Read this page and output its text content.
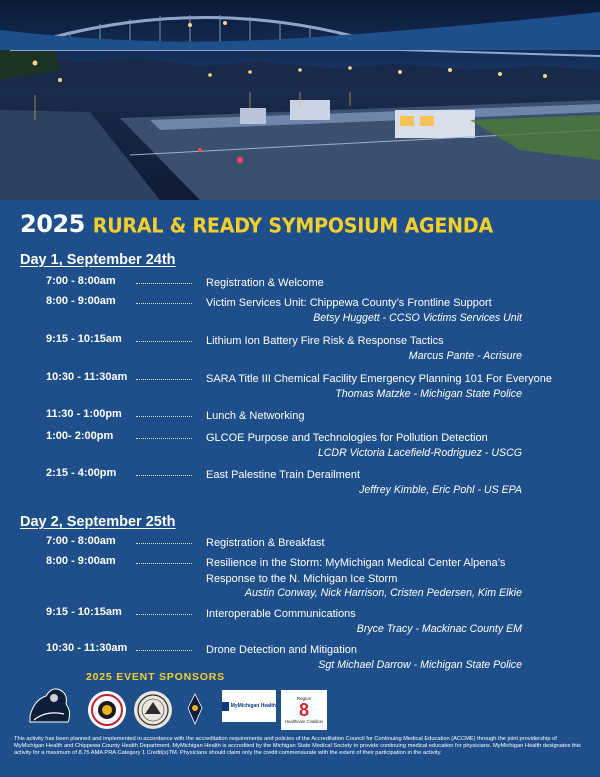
2025 RURAL & READY SYMPOSIUM AGENDA
Day 1, September 24th
7:00 - 8:00am	Registration & Welcome
8:00 - 9:00am	Victim Services Unit: Chippewa County’s Frontline Support
Betsy Huggett - CCSO Victims Services Unit
9:15 - 10:15am	Lithium Ion Battery Fire Risk & Response Tactics
Marcus Pante - Acrisure
10:30 - 11:30am	SARA Title III Chemical Facility Emergency Planning 101 For Everyone
Thomas Matzke - Michigan State Police
11:30 - 1:00pm	Lunch & Networking
1:00- 2:00pm	GLCOE Purpose and Technologies for Pollution Detection
LCDR Victoria Lacefield-Rodriguez - USCG
2:15 - 4:00pm	East Palestine Train Derailment
Jeffrey Kimble, Eric Pohl - US EPA
Day 2, September 25th
7:00 - 8:00am	Registration & Breakfast
8:00 - 9:00am	Resilience in the Storm: MyMichigan Medical Center Alpena’s
Response to the N. Michigan Ice Storm
Austin Conway, Nick Harrison, Cristen Pedersen, Kim Elkie
9:15 - 10:15am	Interoperable Communications
Bryce Tracy - Mackinac County EM
10:30 - 11:30am	Drone Detection and Mitigation
Sgt Michael Darrow - Michigan State Police
2025 EVENT SPONSORS
MyMichigan Health
Region
8
Healthcare Coalition
This activity has been planned and implemented in accordance with the accreditation requirements and policies of the Accreditation Council for Continuing Medical Education (ACCME) through the joint providership of MyMichigan Health and Chippewa County Health Department. MyMichigan Health is accredited by the Michigan State Medical Society to provide continuing medical education for physicians. MyMichigan Health designates this activity for a maximum of 8.75 AMA PRA Category 1 Credit(s)TM. Physicians should claim only the credit commensurate with the extent of their participation in the activity.
